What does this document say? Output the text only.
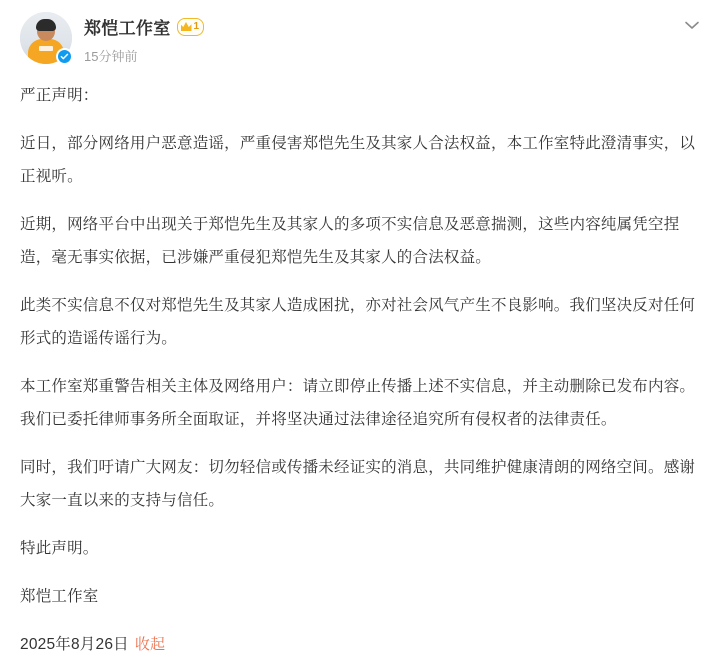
郑恺工作室 1
15分钟前

严正声明：

近日，部分网络用户恶意造谣，严重侵害郑恺先生及其家人合法权益，本工作室特此澄清事实，以正视听。

近期，网络平台中出现关于郑恺先生及其家人的多项不实信息及恶意揣测，这些内容纯属凭空捏造，毫无事实依据，已涉嫌严重侵犯郑恺先生及其家人的合法权益。

此类不实信息不仅对郑恺先生及其家人造成困扰，亦对社会风气产生不良影响。我们坚决反对任何形式的造谣传谣行为。

本工作室郑重警告相关主体及网络用户：请立即停止传播上述不实信息，并主动删除已发布内容。我们已委托律师事务所全面取证，并将坚决通过法律途径追究所有侵权者的法律责任。

同时，我们吁请广大网友：切勿轻信或传播未经证实的消息，共同维护健康清朗的网络空间。感谢大家一直以来的支持与信任。

特此声明。

郑恺工作室

2025年8月26日 收起
